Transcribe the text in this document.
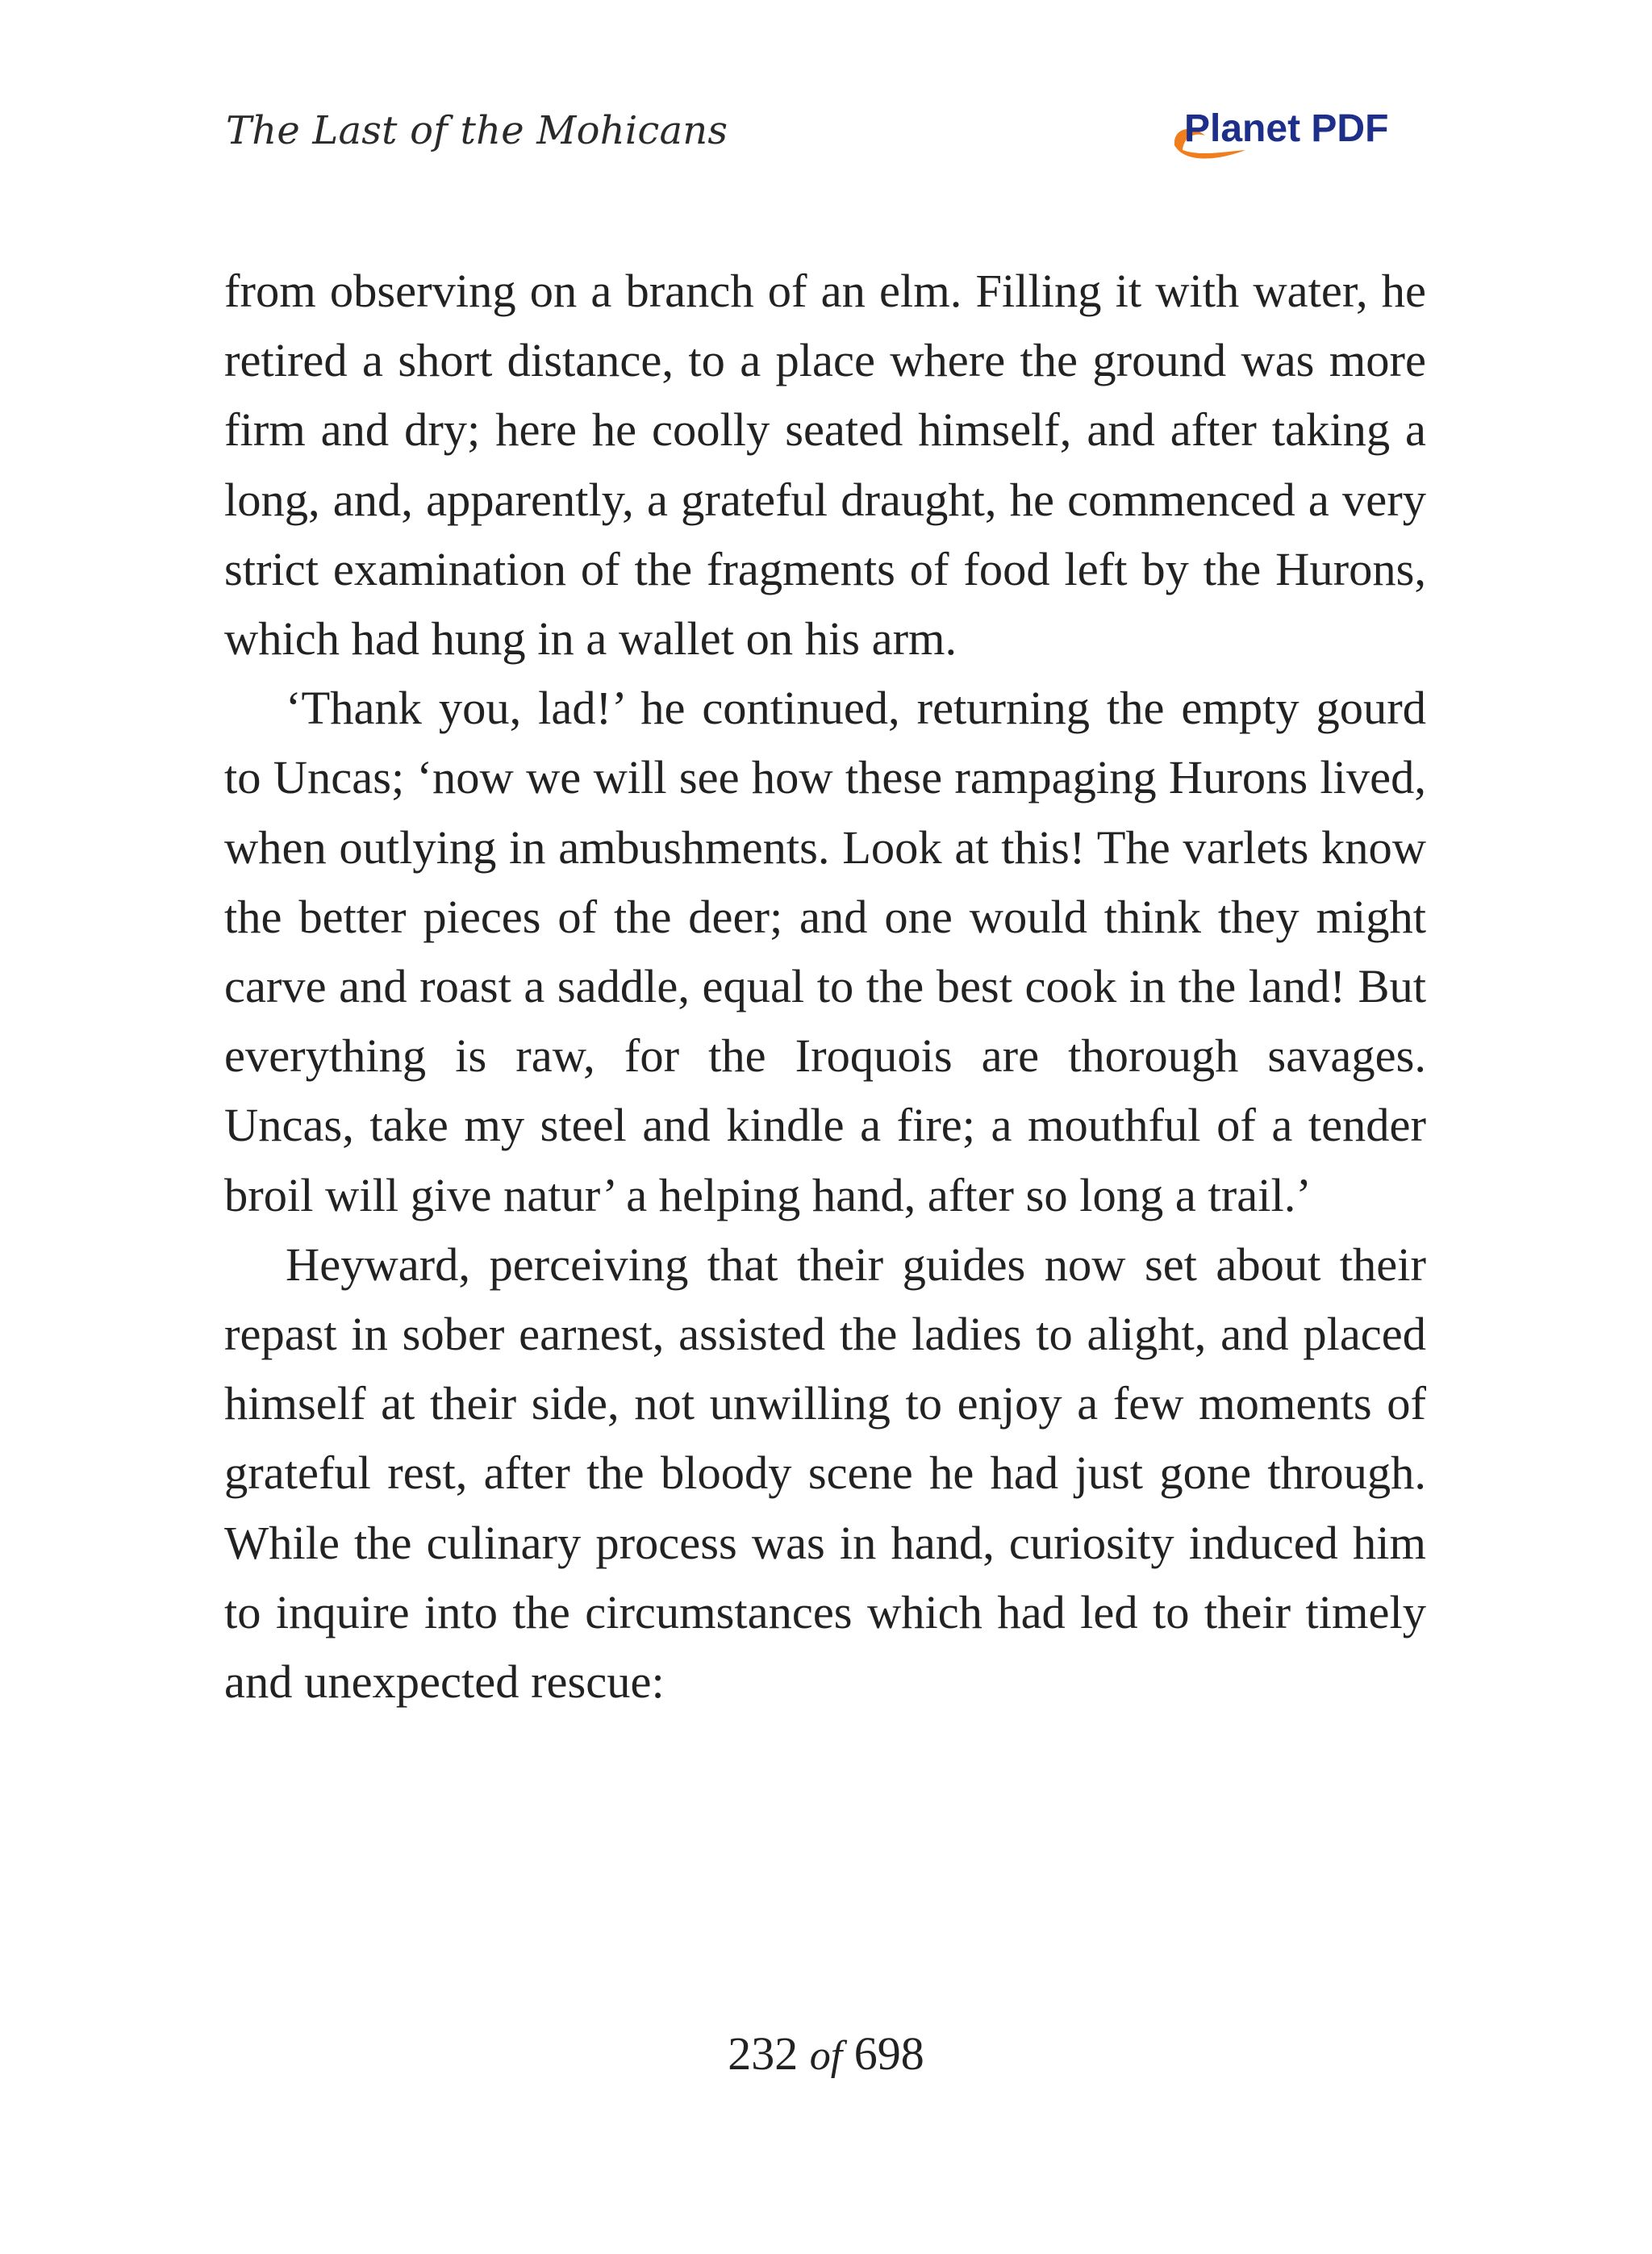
The Last of the Mohicans	Planet PDF

from observing on a branch of an elm. Filling it with water, he retired a short distance, to a place where the ground was more firm and dry; here he coolly seated himself, and after taking a long, and, apparently, a grateful draught, he commenced a very strict examination of the fragments of food left by the Hurons, which had hung in a wallet on his arm.

‘Thank you, lad!’ he continued, returning the empty gourd to Uncas; ‘now we will see how these rampaging Hurons lived, when outlying in ambushments. Look at this! The varlets know the better pieces of the deer; and one would think they might carve and roast a saddle, equal to the best cook in the land! But everything is raw, for the Iroquois are thorough savages. Uncas, take my steel and kindle a fire; a mouthful of a tender broil will give natur’ a helping hand, after so long a trail.’

Heyward, perceiving that their guides now set about their repast in sober earnest, assisted the ladies to alight, and placed himself at their side, not unwilling to enjoy a few moments of grateful rest, after the bloody scene he had just gone through. While the culinary process was in hand, curiosity induced him to inquire into the circumstances which had led to their timely and unexpected rescue:

232 of 698
